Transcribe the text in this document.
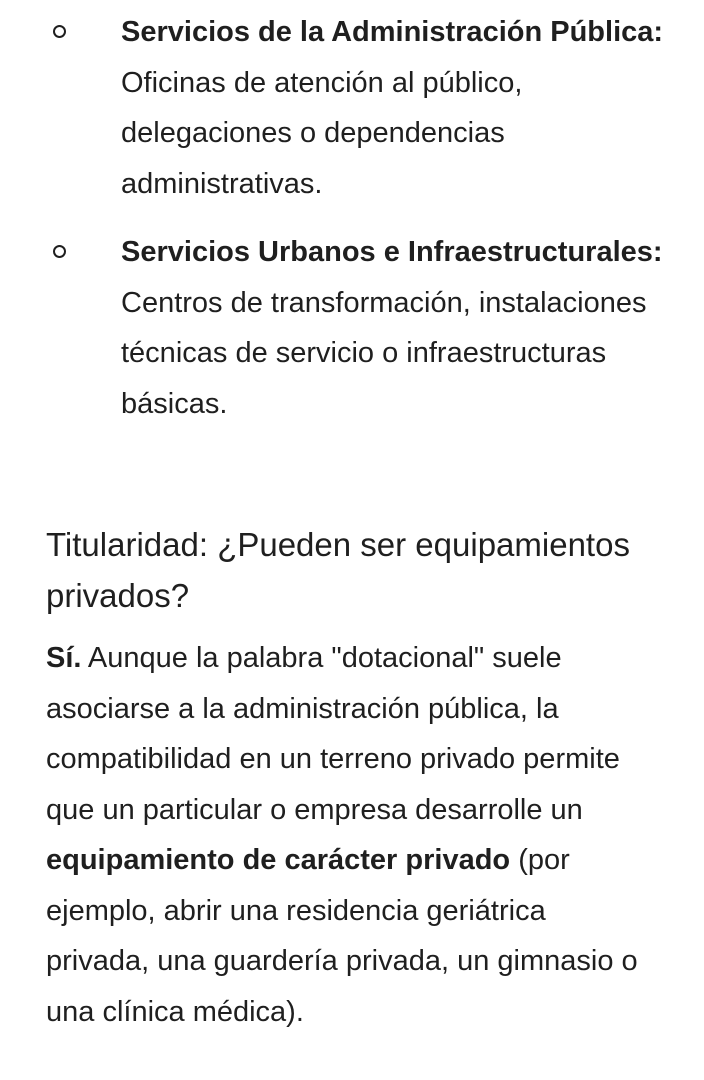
Servicios de la Administración Pública: Oficinas de atención al público, delegaciones o dependencias administrativas.
Servicios Urbanos e Infraestructurales: Centros de transformación, instalaciones técnicas de servicio o infraestructuras básicas.
Titularidad: ¿Pueden ser equipamientos privados?

Sí. Aunque la palabra "dotacional" suele asociarse a la administración pública, la compatibilidad en un terreno privado permite que un particular o empresa desarrolle un equipamiento de carácter privado (por ejemplo, abrir una residencia geriátrica privada, una guardería privada, un gimnasio o una clínica médica).
